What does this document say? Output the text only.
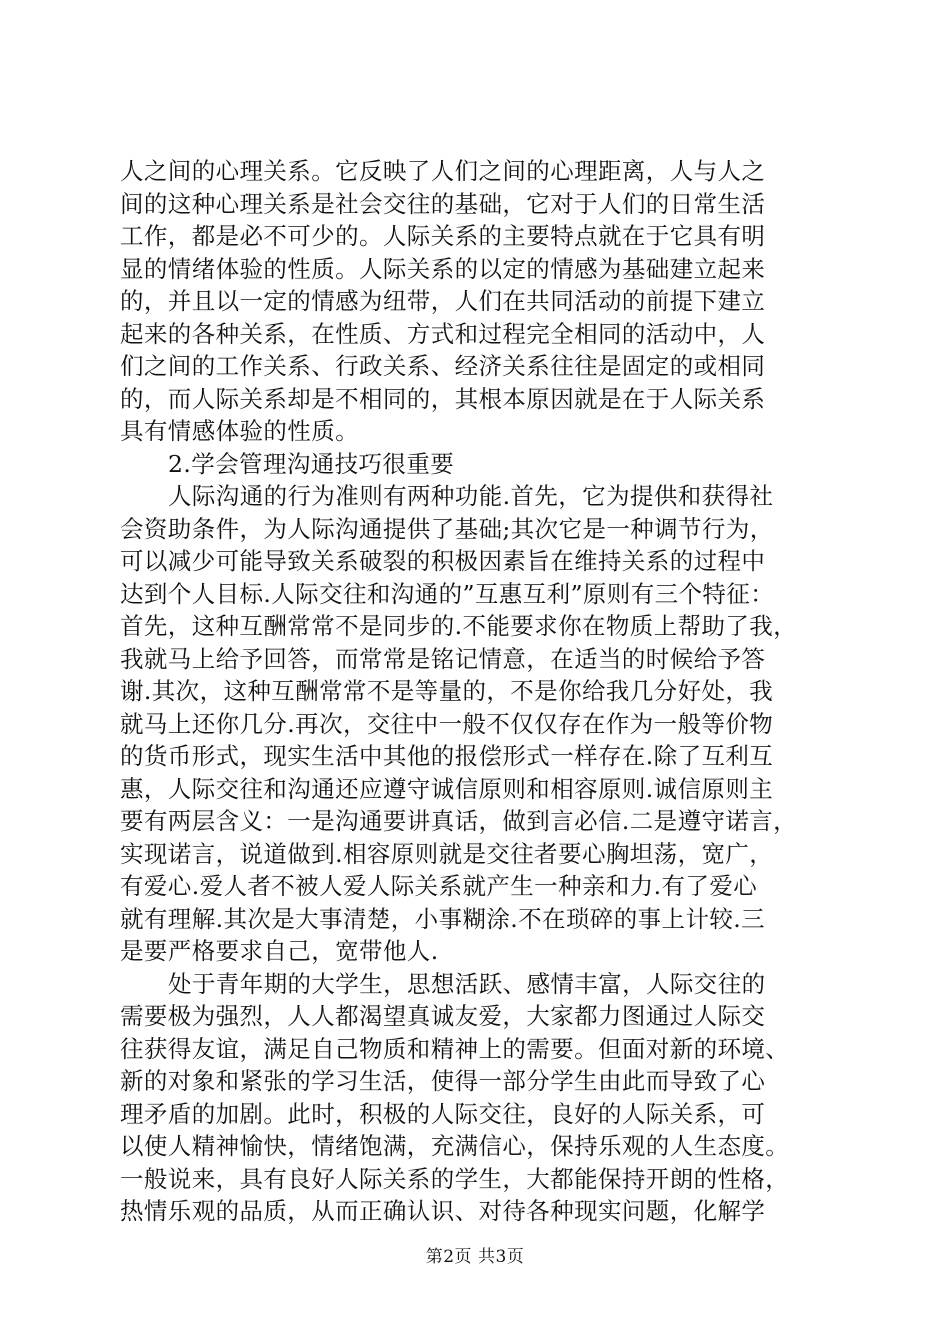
人之间的心理关系。它反映了人们之间的心理距离，人与人之
间的这种心理关系是社会交往的基础，它对于人们的日常生活
工作，都是必不可少的。人际关系的主要特点就在于它具有明
显的情绪体验的性质。人际关系的以定的情感为基础建立起来
的，并且以一定的情感为纽带，人们在共同活动的前提下建立
起来的各种关系，在性质、方式和过程完全相同的活动中，人
们之间的工作关系、行政关系、经济关系往往是固定的或相同
的，而人际关系却是不相同的，其根本原因就是在于人际关系
具有情感体验的性质。
2.学会管理沟通技巧很重要
人际沟通的行为准则有两种功能.首先，它为提供和获得社
会资助条件，为人际沟通提供了基础;其次它是一种调节行为，
可以减少可能导致关系破裂的积极因素旨在维持关系的过程中
达到个人目标.人际交往和沟通的”互惠互利”原则有三个特征：
首先，这种互酬常常不是同步的.不能要求你在物质上帮助了我，
我就马上给予回答，而常常是铭记情意，在适当的时候给予答
谢.其次，这种互酬常常不是等量的，不是你给我几分好处，我
就马上还你几分.再次，交往中一般不仅仅存在作为一般等价物
的货币形式，现实生活中其他的报偿形式一样存在.除了互利互
惠，人际交往和沟通还应遵守诚信原则和相容原则.诚信原则主
要有两层含义：一是沟通要讲真话，做到言必信.二是遵守诺言，
实现诺言，说道做到.相容原则就是交往者要心胸坦荡，宽广，
有爱心.爱人者不被人爱人际关系就产生一种亲和力.有了爱心
就有理解.其次是大事清楚，小事糊涂.不在琐碎的事上计较.三
是要严格要求自己，宽带他人.
处于青年期的大学生，思想活跃、感情丰富，人际交往的
需要极为强烈，人人都渴望真诚友爱，大家都力图通过人际交
往获得友谊，满足自己物质和精神上的需要。但面对新的环境、
新的对象和紧张的学习生活，使得一部分学生由此而导致了心
理矛盾的加剧。此时，积极的人际交往，良好的人际关系，可
以使人精神愉快，情绪饱满，充满信心，保持乐观的人生态度。
一般说来，具有良好人际关系的学生，大都能保持开朗的性格，
热情乐观的品质，从而正确认识、对待各种现实问题，化解学
第2页 共3页
